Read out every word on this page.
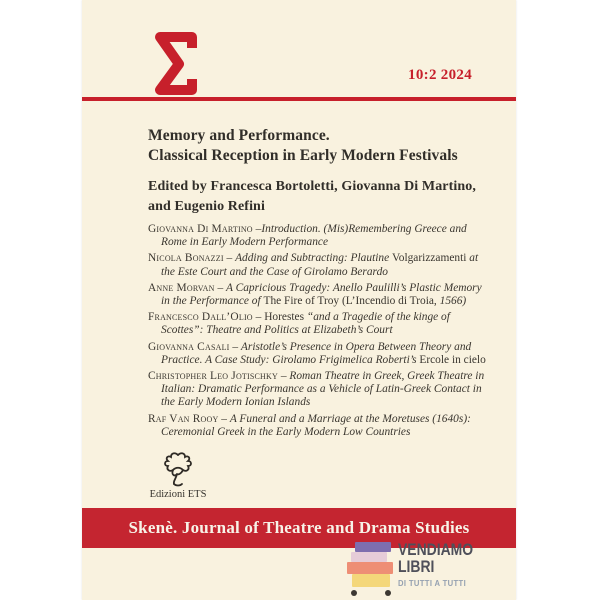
10:2 2024
Memory and Performance.
Classical Reception in Early Modern Festivals
Edited by Francesca Bortoletti, Giovanna Di Martino,
and Eugenio Refini
Giovanna Di Martino –Introduction. (Mis)Remembering Greece and Rome in Early Modern Performance
Nicola Bonazzi – Adding and Subtracting: Plautine Volgarizzamenti at the Este Court and the Case of Girolamo Berardo
Anne Morvan – A Capricious Tragedy: Anello Paulilli’s Plastic Memory in the Performance of The Fire of Troy (L’Incendio di Troia, 1566)
Francesco Dall’Olio – Horestes “and a Tragedie of the kinge of Scottes”: Theatre and Politics at Elizabeth’s Court
Giovanna Casali – Aristotle’s Presence in Opera Between Theory and Practice. A Case Study: Girolamo Frigimelica Roberti’s Ercole in cielo
Christopher Leo Jotischky – Roman Theatre in Greek, Greek Theatre in Italian: Dramatic Performance as a Vehicle of Latin-Greek Contact in the Early Modern Ionian Islands
Raf Van Rooy – A Funeral and a Marriage at the Moretuses (1640s): Ceremonial Greek in the Early Modern Low Countries
Edizioni ETS
Skenè. Journal of Theatre and Drama Studies
VENDIAMO
LIBRI
DI TUTTI A TUTTI
